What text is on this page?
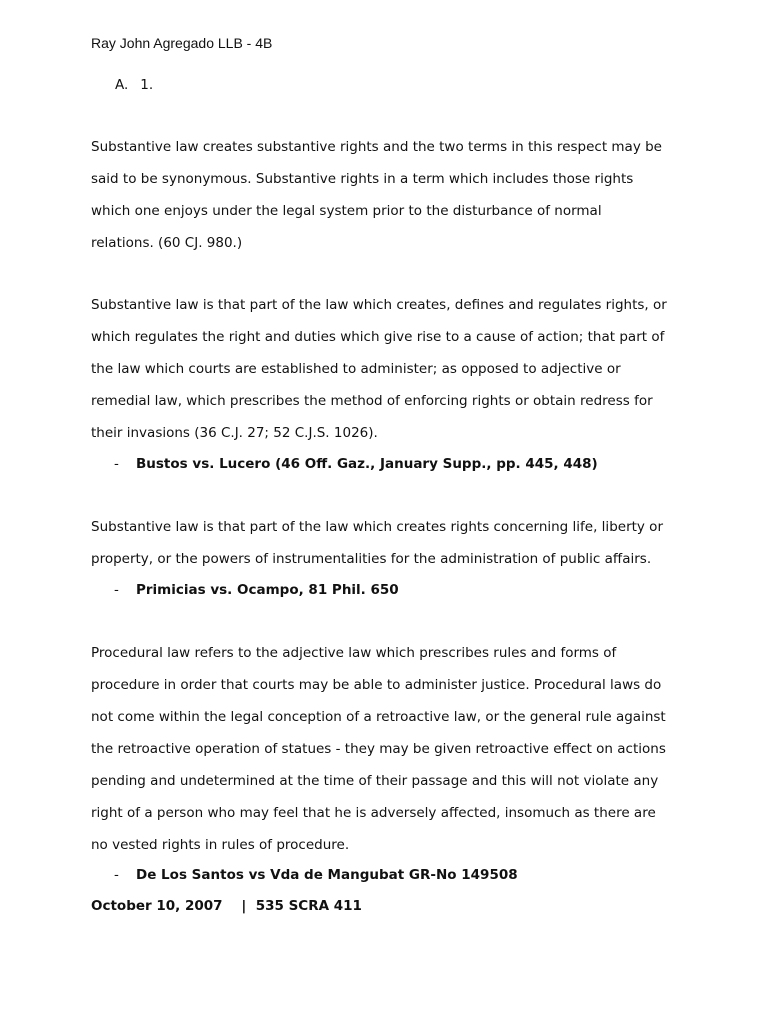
Ray John Agregado LLB - 4B
A. 1.

Substantive law creates substantive rights and the two terms in this respect may be
said to be synonymous. Substantive rights in a term which includes those rights
which one enjoys under the legal system prior to the disturbance of normal
relations. (60 CJ. 980.)

Substantive law is that part of the law which creates, defines and regulates rights, or
which regulates the right and duties which give rise to a cause of action; that part of
the law which courts are established to administer; as opposed to adjective or
remedial law, which prescribes the method of enforcing rights or obtain redress for
their invasions (36 C.J. 27; 52 C.J.S. 1026).

- Bustos vs. Lucero (46 Off. Gaz., January Supp., pp. 445, 448)

Substantive law is that part of the law which creates rights concerning life, liberty or
property, or the powers of instrumentalities for the administration of public affairs.

- Primicias vs. Ocampo, 81 Phil. 650

Procedural law refers to the adjective law which prescribes rules and forms of
procedure in order that courts may be able to administer justice. Procedural laws do
not come within the legal conception of a retroactive law, or the general rule against
the retroactive operation of statues - they may be given retroactive effect on actions
pending and undetermined at the time of their passage and this will not violate any
right of a person who may feel that he is adversely affected, insomuch as there are
no vested rights in rules of procedure.

- De Los Santos vs Vda de Mangubat GR-No 149508
October 10, 2007    |  535 SCRA 411
